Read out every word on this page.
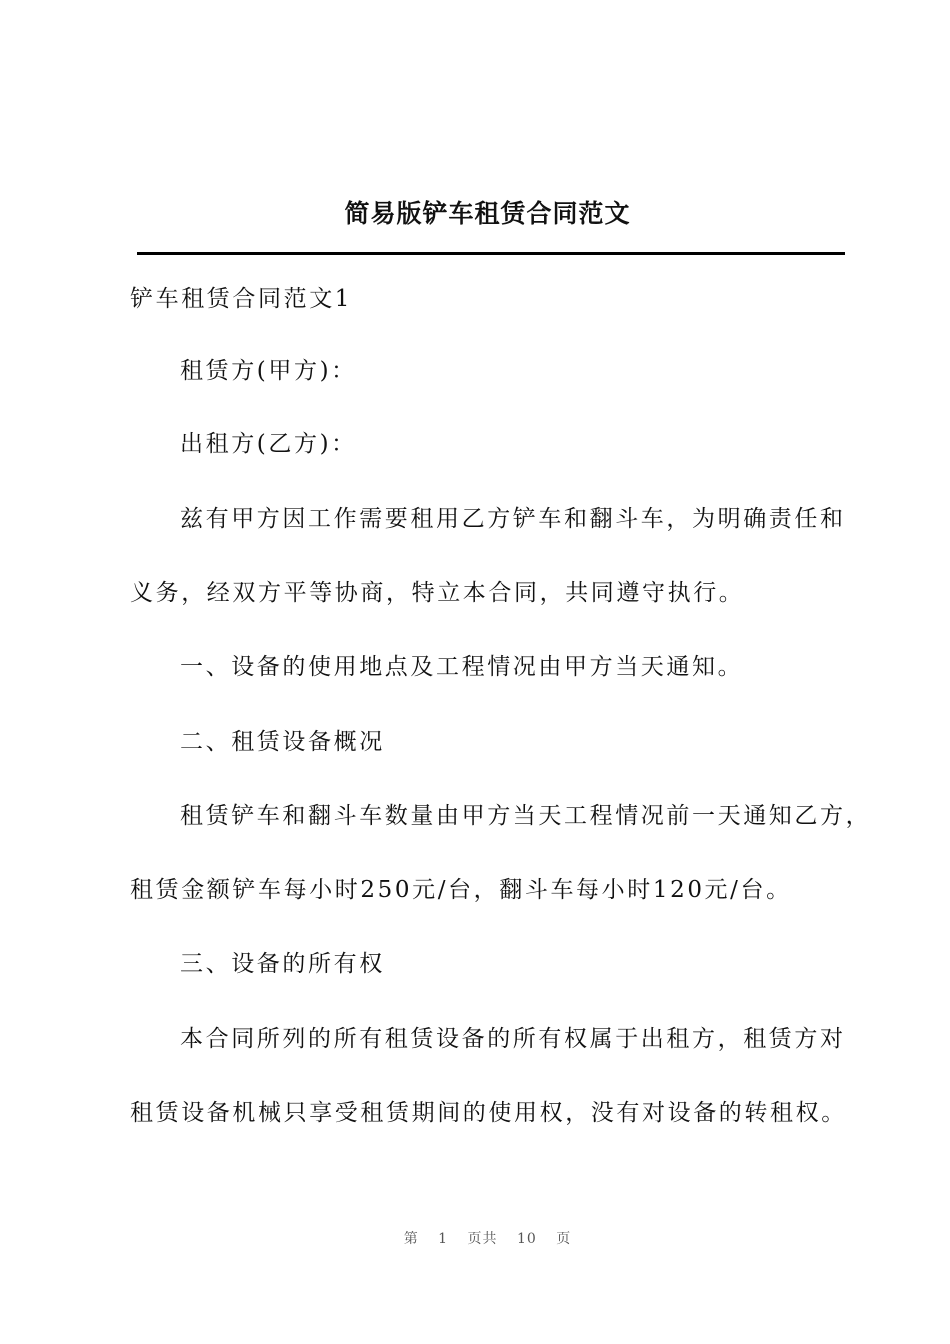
简易版铲车租赁合同范文

铲车租赁合同范文1

租赁方(甲方)：

出租方(乙方)：

兹有甲方因工作需要租用乙方铲车和翻斗车，为明确责任和

义务，经双方平等协商，特立本合同，共同遵守执行。

一、设备的使用地点及工程情况由甲方当天通知。

二、租赁设备概况

租赁铲车和翻斗车数量由甲方当天工程情况前一天通知乙方，

租赁金额铲车每小时250元/台，翻斗车每小时120元/台。

三、设备的所有权

本合同所列的所有租赁设备的所有权属于出租方，租赁方对

租赁设备机械只享受租赁期间的使用权，没有对设备的转租权。

第 1 页共 10 页
